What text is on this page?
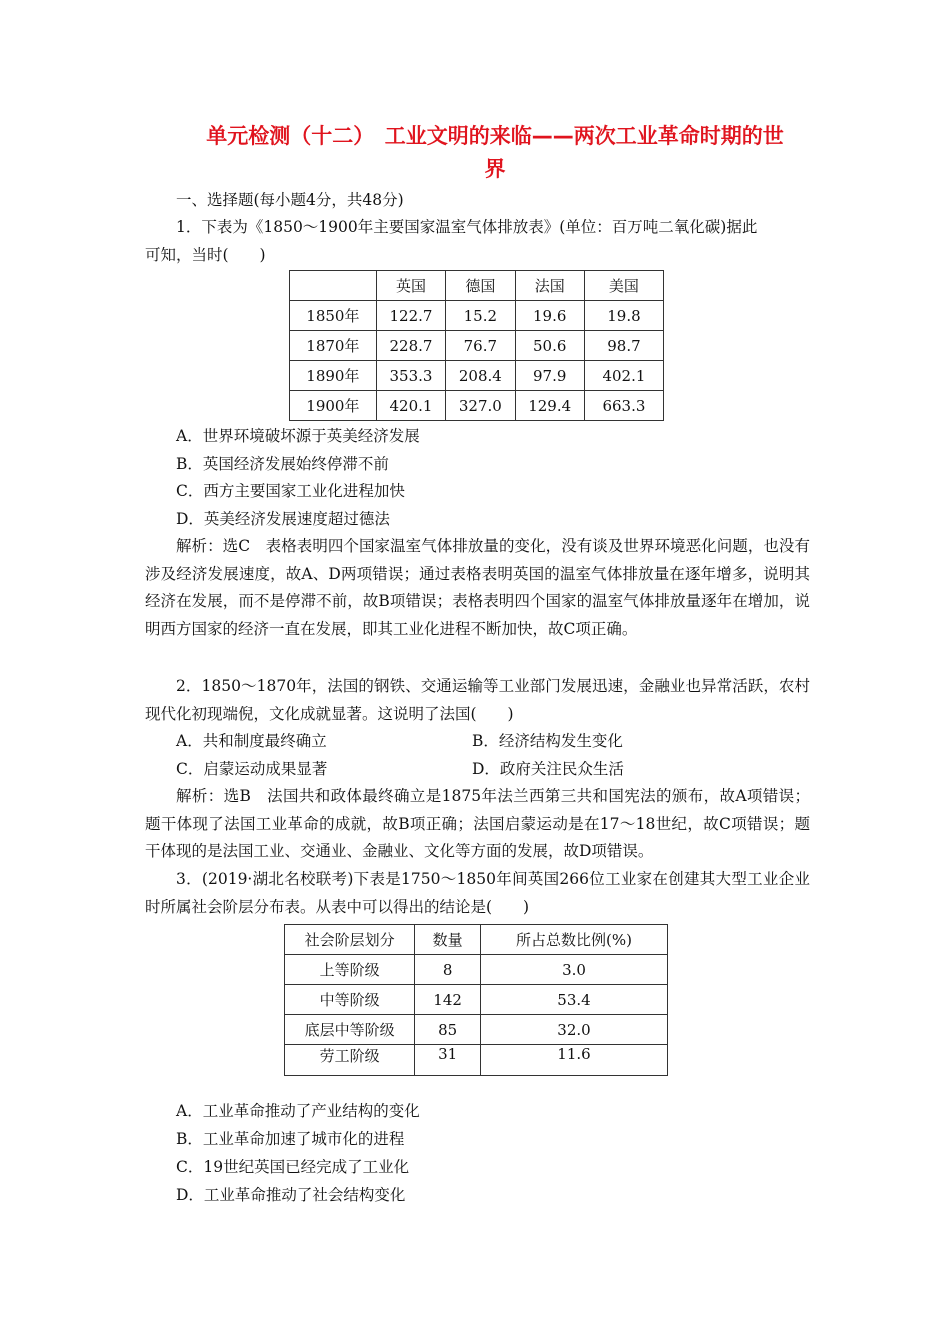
单元检测（十二）　工业文明的来临——两次工业革命时期的世
界
一、选择题(每小题4分，共48分)
1．下表为《1850～1900年主要国家温室气体排放表》(单位：百万吨二氧化碳)据此
可知，当时(　　)
	英国	德国	法国	美国
1850年	122.7	15.2	19.6	19.8
1870年	228.7	76.7	50.6	98.7
1890年	353.3	208.4	97.9	402.1
1900年	420.1	327.0	129.4	663.3
A．世界环境破坏源于英美经济发展
B．英国经济发展始终停滞不前
C．西方主要国家工业化进程加快
D．英美经济发展速度超过德法
解析：选C　表格表明四个国家温室气体排放量的变化，没有谈及世界环境恶化问题，也没有涉及经济发展速度，故A、D两项错误；通过表格表明英国的温室气体排放量在逐年增多，说明其经济在发展，而不是停滞不前，故B项错误；表格表明四个国家的温室气体排放量逐年在增加，说明西方国家的经济一直在发展，即其工业化进程不断加快，故C项正确。
2．1850～1870年，法国的钢铁、交通运输等工业部门发展迅速，金融业也异常活跃，农村现代化初现端倪，文化成就显著。这说明了法国(　　)
A．共和制度最终确立	B．经济结构发生变化
C．启蒙运动成果显著	D．政府关注民众生活
解析：选B　法国共和政体最终确立是1875年法兰西第三共和国宪法的颁布，故A项错误；题干体现了法国工业革命的成就，故B项正确；法国启蒙运动是在17～18世纪，故C项错误；题干体现的是法国工业、交通业、金融业、文化等方面的发展，故D项错误。
3．(2019·湖北名校联考)下表是1750～1850年间英国266位工业家在创建其大型工业企业时所属社会阶层分布表。从表中可以得出的结论是(　　)
社会阶层划分	数量	所占总数比例(%)
上等阶级	8	3.0
中等阶级	142	53.4
底层中等阶级	85	32.0
劳工阶级	31	11.6
A．工业革命推动了产业结构的变化
B．工业革命加速了城市化的进程
C．19世纪英国已经完成了工业化
D．工业革命推动了社会结构变化
